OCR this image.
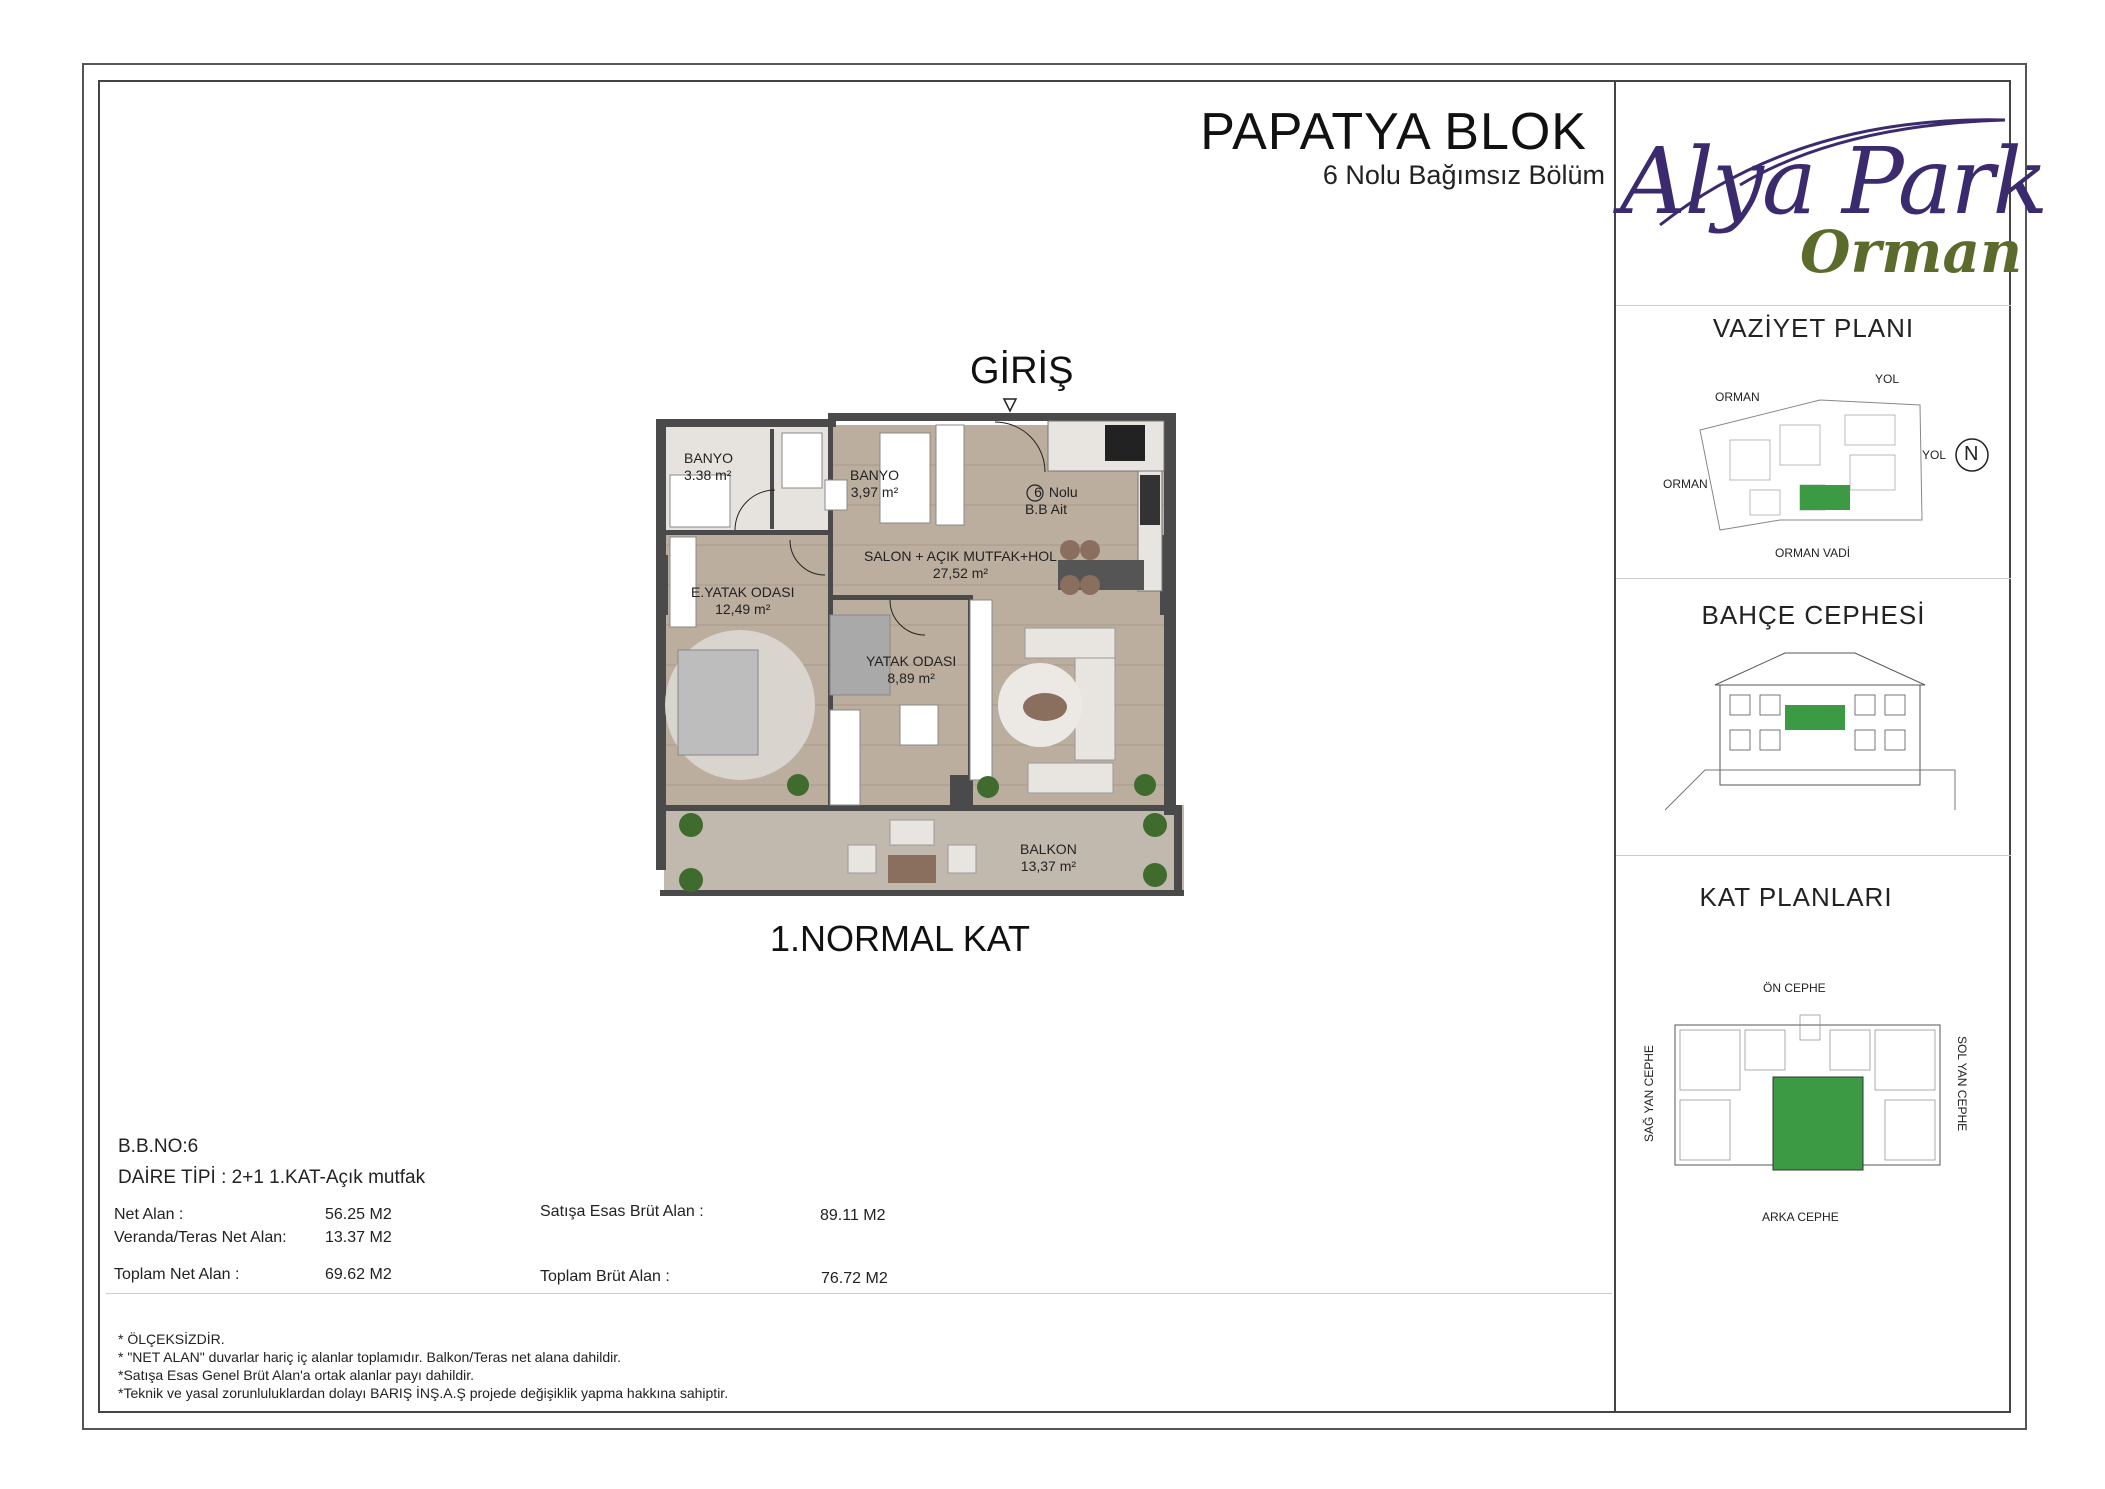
PAPATYA BLOK
6 Nolu Bağımsız Bölüm Alya Park
Orman
GİRİŞ
1.NORMAL KAT
BANYO
3.38 m²	BANYO
3,97 m²	6 Nolu
B.B Ait
SALON + AÇIK MUTFAK+HOL
27,52 m²
E.YATAK ODASI
12,49 m²
YATAK ODASI
8,89 m²
BALKON
13,37 m²
VAZİYET PLANI
ORMAN
YOL
YOL
ORMAN
ORMAN VADİ
N
BAHÇE CEPHESİ
KAT PLANLARI
ÖN CEPHE
ARKA CEPHE
SAĞ YAN CEPHE	SOL YAN CEPHE
B.B.NO:6
DAİRE TİPİ : 2+1 1.KAT-Açık mutfak
Net Alan :	56.25 M2
Veranda/Teras Net Alan: 13.37 M2
Toplam Net Alan :	69.62 M2
Satışa Esas Brüt Alan :	89.11 M2
Toplam Brüt Alan :	76.72 M2
* ÖLÇEKSİZDİR.
* "NET ALAN" duvarlar hariç iç alanlar toplamıdır. Balkon/Teras net alana dahildir.
*Satışa Esas Genel Brüt Alan'a ortak alanlar payı dahildir.
*Teknik ve yasal zorunluluklardan dolayı BARIŞ İNŞ.A.Ş projede değişiklik yapma hakkına sahiptir.
